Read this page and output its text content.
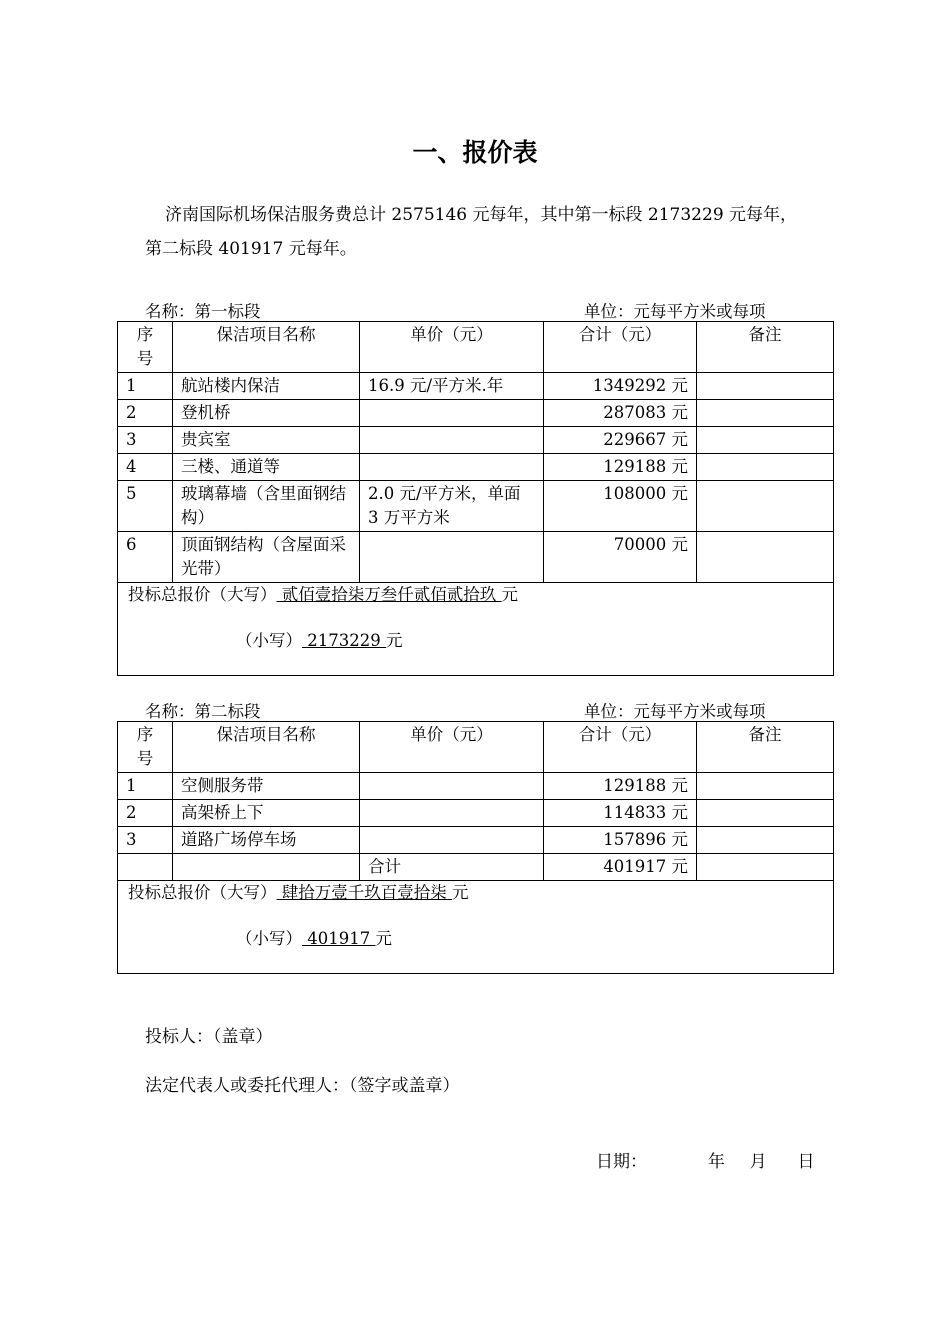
一、报价表
济南国际机场保洁服务费总计 2575146 元每年，其中第一标段 2173229 元每年，第二标段 401917 元每年。
名称：第一标段	单位：元每平方米或每项
序
号	保洁项目名称	单价（元）	合计（元）	备注
1	航站楼内保洁	16.9 元/平方米.年	1349292 元	
2	登机桥		287083 元	
3	贵宾室		229667 元	
4	三楼、通道等		129188 元	
5	玻璃幕墙（含里面钢结构）	2.0 元/平方米，单面 3 万平方米	108000 元	
6	顶面钢结构（含屋面采光带）		70000 元	
投标总报价（大写） 贰佰壹拾柒万叁仟贰佰贰拾玖 元
（小写） 2173229 元				
名称：第二标段	单位：元每平方米或每项
序
号	保洁项目名称	单价（元）	合计（元）	备注
1	空侧服务带		129188 元	
2	高架桥上下		114833 元	
3	道路广场停车场		157896 元	
		合计	401917 元	
投标总报价（大写） 肆拾万壹千玖百壹拾柒 元
（小写） 401917 元				
投标人：（盖章）
法定代表人或委托代理人：（签字或盖章）
日期：	年 月 日
